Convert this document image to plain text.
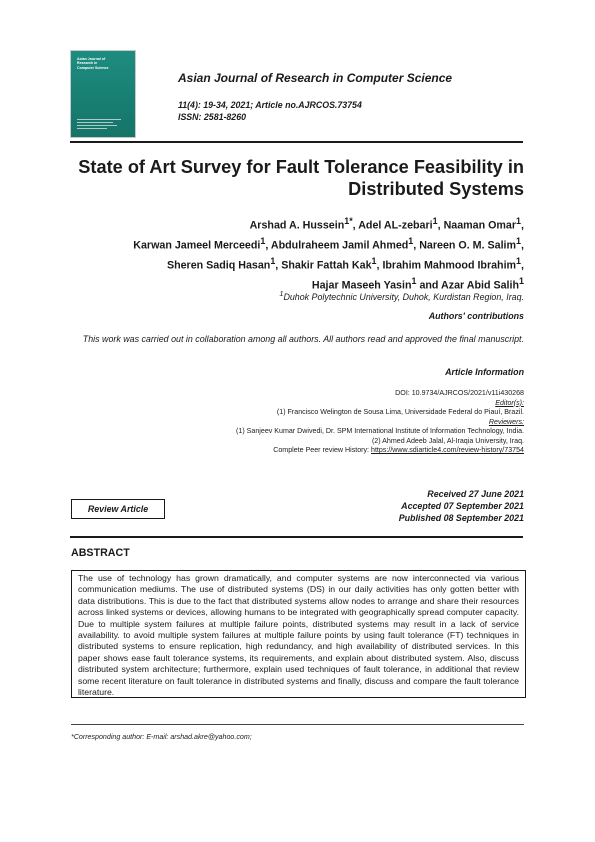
Asian Journal of
Research in
Computer Science
Asian Journal of Research in Computer Science
11(4): 19-34, 2021; Article no.AJRCOS.73754
ISSN: 2581-8260
State of Art Survey for Fault Tolerance Feasibility in
Distributed Systems
Arshad A. Hussein$^{1*}$, Adel AL-zebari$^1$, Naaman Omar$^1$,
Karwan Jameel Merceedi$^1$, Abdulraheem Jamil Ahmed$^1$, Nareen O. M. Salim$^1$,
Sheren Sadiq Hasan$^1$, Shakir Fattah Kak$^1$, Ibrahim Mahmood Ibrahim$^1$,
Hajar Maseeh Yasin$^1$ and Azar Abid Salih$^1$
$^1$Duhok Polytechnic University, Duhok, Kurdistan Region, Iraq.
Authors' contributions
This work was carried out in collaboration among all authors. All authors read and approved the final manuscript.
Article Information
DOI: 10.9734/AJRCOS/2021/v11i430268
Editor(s):
(1) Francisco Welington de Sousa Lima, Universidade Federal do Piauí, Brazil.
Reviewers:
(1) Sanjeev Kumar Dwivedi, Dr. SPM International Institute of Information Technology, India.
(2) Ahmed Adeeb Jalal, Al-Iraqia University, Iraq.
Complete Peer review History: https://www.sdiarticle4.com/review-history/73754
Review Article
Received 27 June 2021
Accepted 07 September 2021
Published 08 September 2021
ABSTRACT
The use of technology has grown dramatically, and computer systems are now interconnected via various communication mediums. The use of distributed systems (DS) in our daily activities has only gotten better with data distributions. This is due to the fact that distributed systems allow nodes to arrange and share their resources across linked systems or devices, allowing humans to be integrated with geographically spread computer capacity. Due to multiple system failures at multiple failure points, distributed systems may result in a lack of service availability. to avoid multiple system failures at multiple failure points by using fault tolerance (FT) techniques in distributed systems to ensure replication, high redundancy, and high availability of distributed services. In this paper shows ease fault tolerance systems, its requirements, and explain about distributed system. Also, discuss distributed system architecture; furthermore, explain used techniques of fault tolerance, in additional that review some recent literature on fault tolerance in distributed systems and finally, discuss and compare the fault tolerance literature.
*Corresponding author: E-mail: arshad.akre@yahoo.com;
